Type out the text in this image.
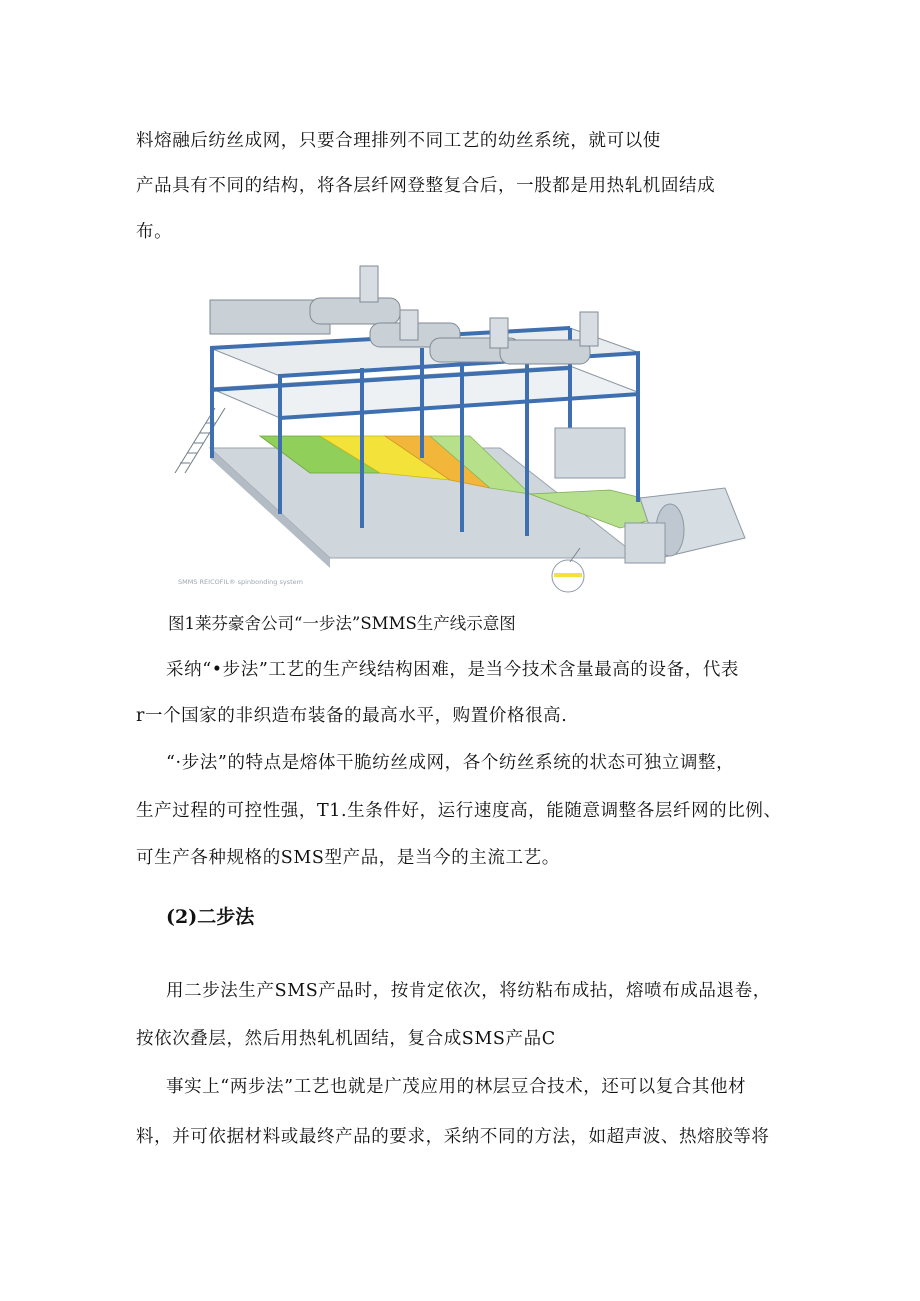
料熔融后纺丝成网，只要合理排列不同工艺的幼丝系统，就可以使
产品具有不同的结构，将各层纤网登整复合后，一股都是用热轧机固结成
布。
SMMS REICOFIL® spinbonding system
图1莱芬豪舍公司“一步法”SMMS生产线示意图
采纳“•步法”工艺的生产线结构困难，是当今技术含量最高的设备，代表
r一个国家的非织造布装备的最高水平，购置价格很高.
“·步法”的特点是熔体干脆纺丝成网，各个纺丝系统的状态可独立调整，
生产过程的可控性强，T1.生条件好，运行速度高，能随意调整各层纤网的比例、
可生产各种规格的SMS型产品，是当今的主流工艺。
(2)二步法
用二步法生产SMS产品时，按肯定依次，将纺粘布成拈，熔喷布成品退卷，
按依次叠层，然后用热轧机固结，复合成SMS产品C
事实上“两步法”工艺也就是广茂应用的林层豆合技术，还可以复合其他材
料，并可依据材料或最终产品的要求，采纳不同的方法，如超声波、热熔胶等将
